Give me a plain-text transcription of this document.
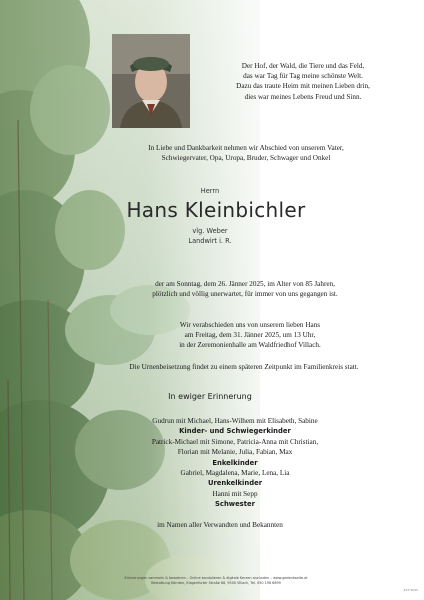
Der Hof, der Wald, die Tiere und das Feld,
das war Tag für Tag meine schönste Welt.
Dazu das traute Heim mit meinen Lieben drin,
dies war meines Lebens Freud und Sinn.
In Liebe und Dankbarkeit nehmen wir Abschied von unserem Vater,
Schwiegervater, Opa, Uropa, Bruder, Schwager und Onkel
Herrn
Hans Kleinbichler
vlg. Weber
Landwirt i. R.
der am Sonntag, dem 26. Jänner 2025, im Alter von 85 Jahren,
plötzlich und völlig unerwartet, für immer von uns gegangen ist.
Wir verabschieden uns von unserem lieben Hans
am Freitag, dem 31. Jänner 2025, um 13 Uhr,
in der Zeremonienhalle am Waldfriedhof Villach.
Die Urnenbeisetzung findet zu einem späteren Zeitpunkt im Familienkreis statt.
In ewiger Erinnerung
Gudrun mit Michael, Hans-Wilhem mit Elisabeth, Sabine
Kinder- und Schwiegerkinder
Patrick-Michael mit Simone, Patricia-Anna mit Christian,
Florian mit Melanie, Julia, Fabian, Max
Enkelkinder
Gabriel, Magdalena, Marie, Lena, Lia
Urenkelkinder
Hanni mit Sepp
Schwester
im Namen aller Verwandten und Bekannten
Erinnerungen sammeln & bewahren – Online kondolieren & digitale Kerzen anzünden – www.gedenkseite.at
Bestattung Kärnten, Klagenfurter Straße 68, 9500 Villach, Tel. 050 198 6899
EXP 9090
